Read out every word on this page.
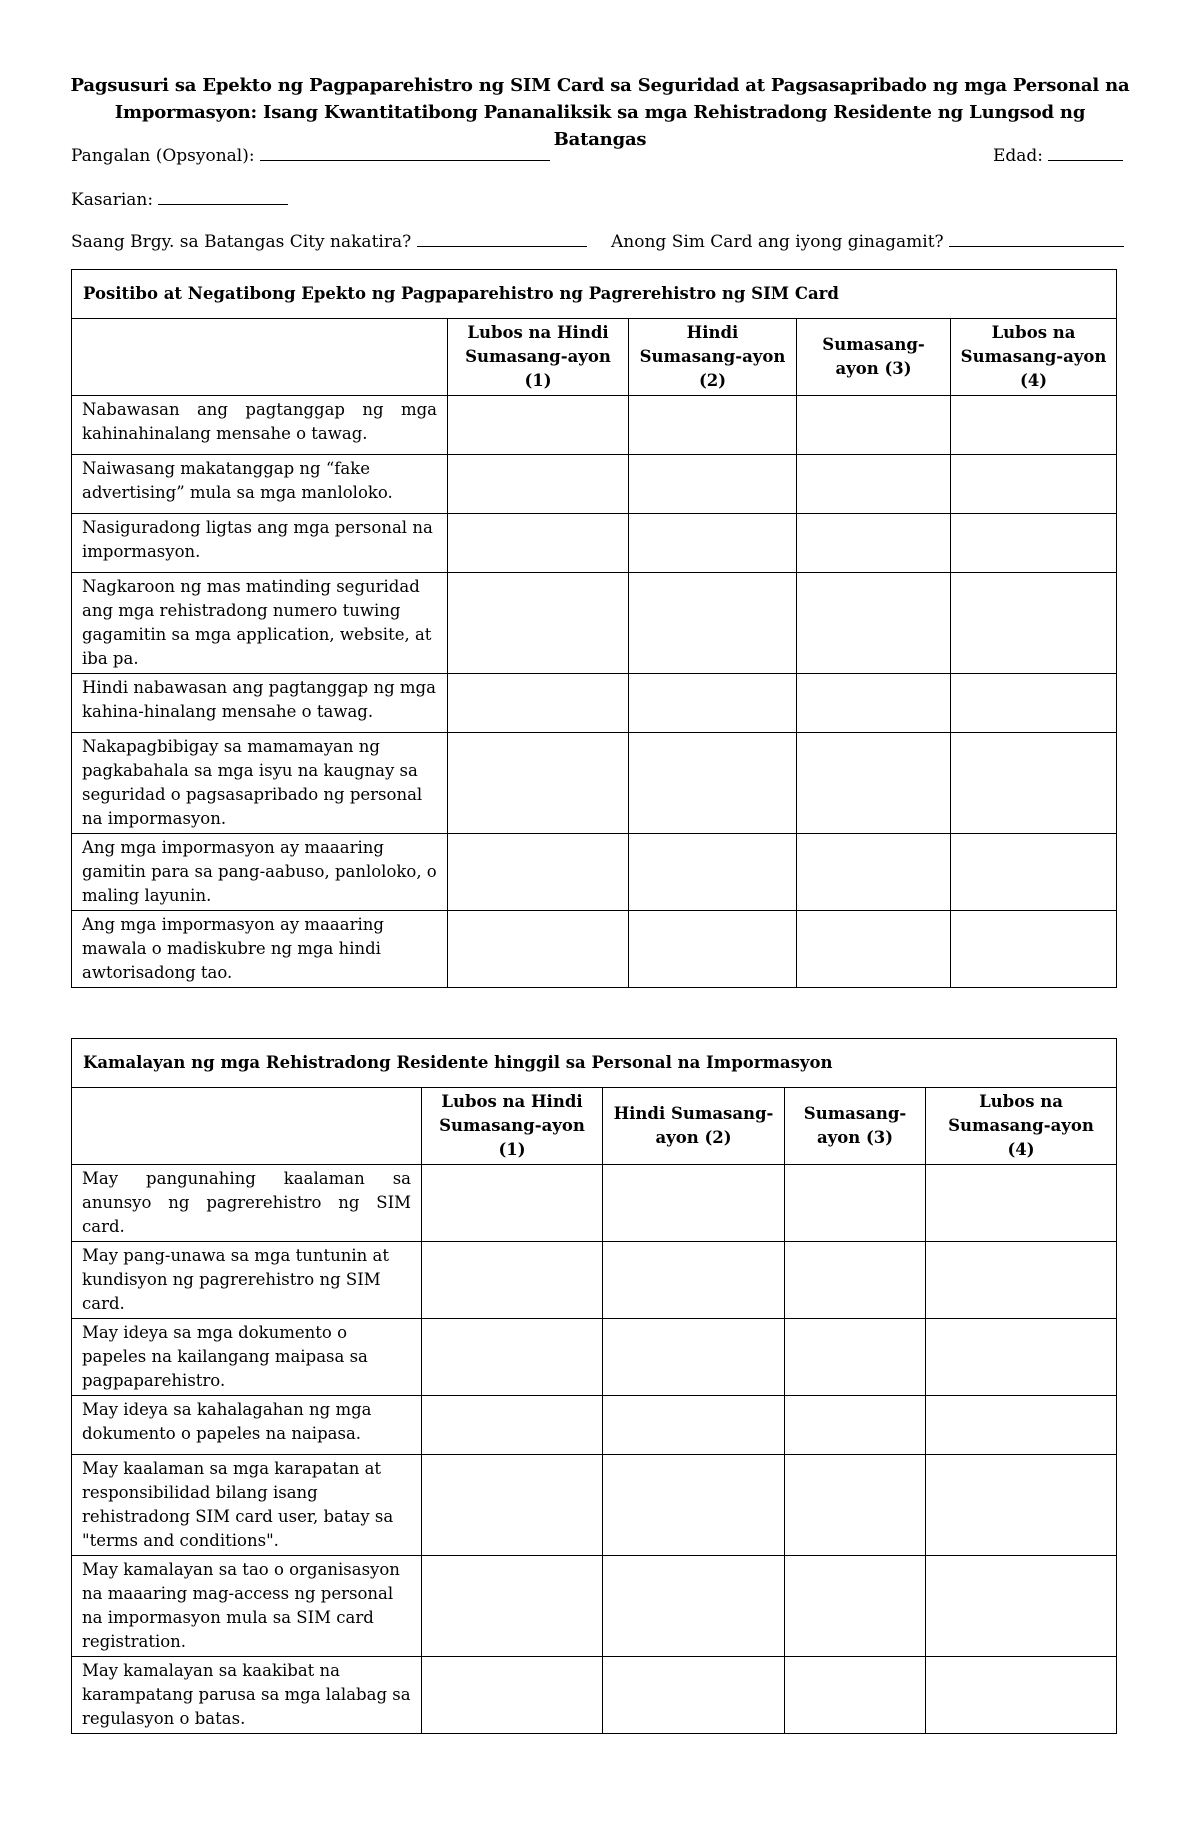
Pagsusuri sa Epekto ng Pagpaparehistro ng SIM Card sa Seguridad at Pagsasapribado ng mga Personal na
Impormasyon: Isang Kwantitatibong Pananaliksik sa mga Rehistradong Residente ng Lungsod ng Batangas
Pangalan (Opsyonal):	Edad:
Kasarian:
Saang Brgy. sa Batangas City nakatira?	Anong Sim Card ang iyong ginagamit?
Positibo at Negatibong Epekto ng Pagpaparehistro ng Pagrerehistro ng SIM Card				
	Lubos na Hindi Sumasang-ayon (1)	Hindi Sumasang-ayon (2)	Sumasang-ayon (3)	Lubos na Sumasang-ayon (4)
Nabawasan ang pagtanggap ng mga kahinahinalang mensahe o tawag.				
Naiwasang makatanggap ng “fake advertising” mula sa mga manloloko.				
Nasiguradong ligtas ang mga personal na impormasyon.				
Nagkaroon ng mas matinding seguridad ang mga rehistradong numero tuwing gagamitin sa mga application, website, at iba pa.				
Hindi nabawasan ang pagtanggap ng mga kahina-hinalang mensahe o tawag.				
Nakapagbibigay sa mamamayan ng pagkabahala sa mga isyu na kaugnay sa seguridad o pagsasapribado ng personal na impormasyon.				
Ang mga impormasyon ay maaaring gamitin para sa pang-aabuso, panloloko, o maling layunin.				
Ang mga impormasyon ay maaaring mawala o madiskubre ng mga hindi awtorisadong tao.				
Kamalayan ng mga Rehistradong Residente hinggil sa Personal na Impormasyon				
	Lubos na Hindi Sumasang-ayon (1)	Hindi Sumasang-ayon (2)	Sumasang-ayon (3)	Lubos na Sumasang-ayon (4)
May pangunahing kaalaman sa anunsyo ng pagrerehistro ng SIM card.				
May pang-unawa sa mga tuntunin at kundisyon ng pagrerehistro ng SIM card.				
May ideya sa mga dokumento o papeles na kailangang maipasa sa pagpaparehistro.				
May ideya sa kahalagahan ng mga dokumento o papeles na naipasa.				
May kaalaman sa mga karapatan at responsibilidad bilang isang rehistradong SIM card user, batay sa "terms and conditions".				
May kamalayan sa tao o organisasyon na maaaring mag-access ng personal na impormasyon mula sa SIM card registration.				
May kamalayan sa kaakibat na karampatang parusa sa mga lalabag sa regulasyon o batas.				
